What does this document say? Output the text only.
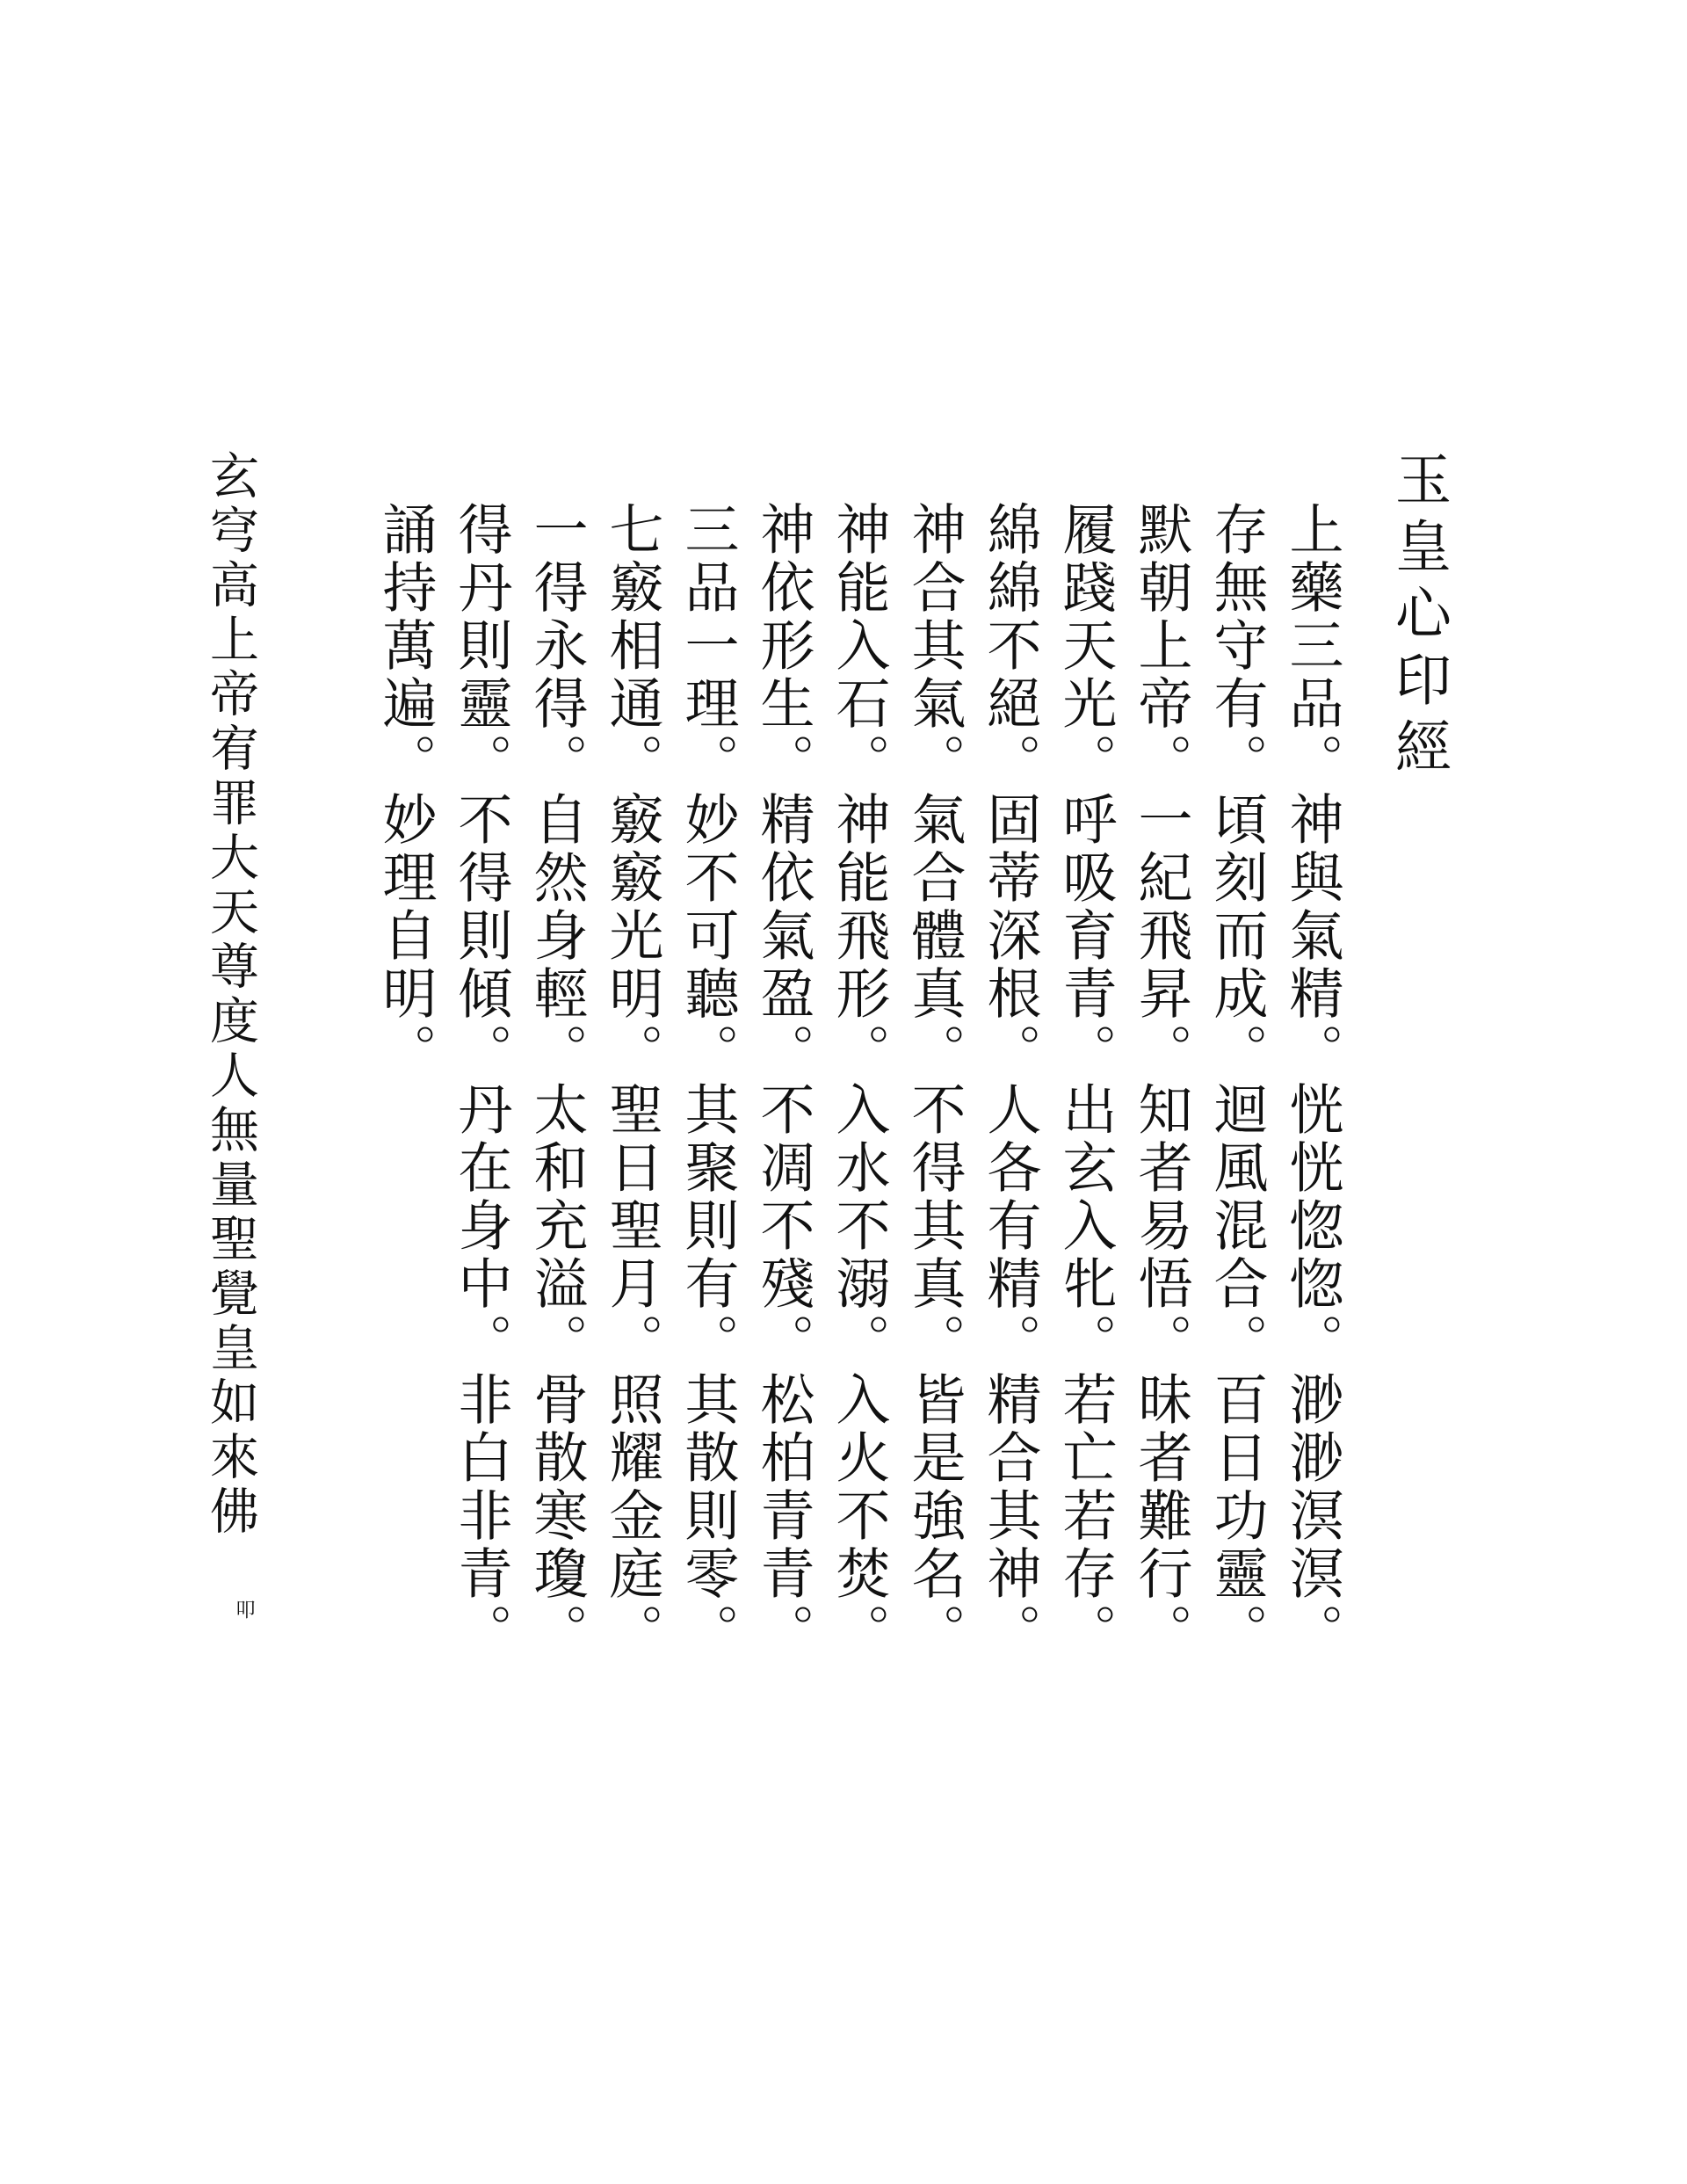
玉皇心印經
上藥三品。神與氣精。恍恍惚惚。渺渺溟溟。
存無守有。頃刻而成。迴風混合。百日功靈。
默朝上帝。一紀飛昇。知者易悟。昧者難行。
履踐天光。呼吸育青。出玄入牝。若亡若存。
綿綿不絕。固蒂深根。人各有精。精合其神。
神合其氣。氣合體真。不得其真。皆是強名。
神能入石。神能飛形。入水不溺。入火不焚。
神依形生。精依氣盈。不凋不殘。松柏青青。
三品一理。妙不可聽。其聚則有。其散則零。
七竅相通。竅竅光明。聖日聖月。照耀金庭。
一得永得。自然身輕。太和充溢。骨散寒瓊。
得丹則靈。不得則傾。丹在身中。非白非青。
誦持萬遍。妙理自明。
玄穹高上帝宥罪大天尊度人無量聖覺皇如來佛
叩
